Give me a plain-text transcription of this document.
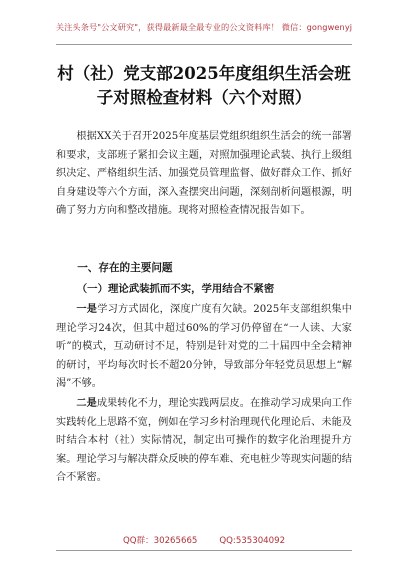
关注头条号"公文研究"，获得最新最全最专业的公文资料库！ 微信：gongwenyj
村（社）党支部2025年度组织生活会班
子对照检查材料（六个对照）
根据XX关于召开2025年度基层党组织组织生活会的统一部署和要求，支部班子紧扣会议主题，对照加强理论武装、执行上级组织决定、严格组织生活、加强党员管理监督、做好群众工作、抓好自身建设等六个方面，深入查摆突出问题，深刻剖析问题根源，明确了努力方向和整改措施。现将对照检查情况报告如下。
一、存在的主要问题
（一）理论武装抓而不实，学用结合不紧密
一是学习方式固化，深度广度有欠缺。2025年支部组织集中理论学习24次，但其中超过60%的学习仍停留在“一人读、大家听”的模式，互动研讨不足，特别是针对党的二十届四中全会精神的研讨，平均每次时长不超20分钟，导致部分年轻党员思想上“解渴”不够。
二是成果转化不力，理论实践两层皮。在推动学习成果向工作实践转化上思路不宽，例如在学习乡村治理现代化理论后、未能及时结合本村（社）实际情况，制定出可操作的数字化治理提升方案。理论学习与解决群众反映的停车难、充电桩少等现实问题的结合不紧密。
QQ群：30265665	QQ:535304092
